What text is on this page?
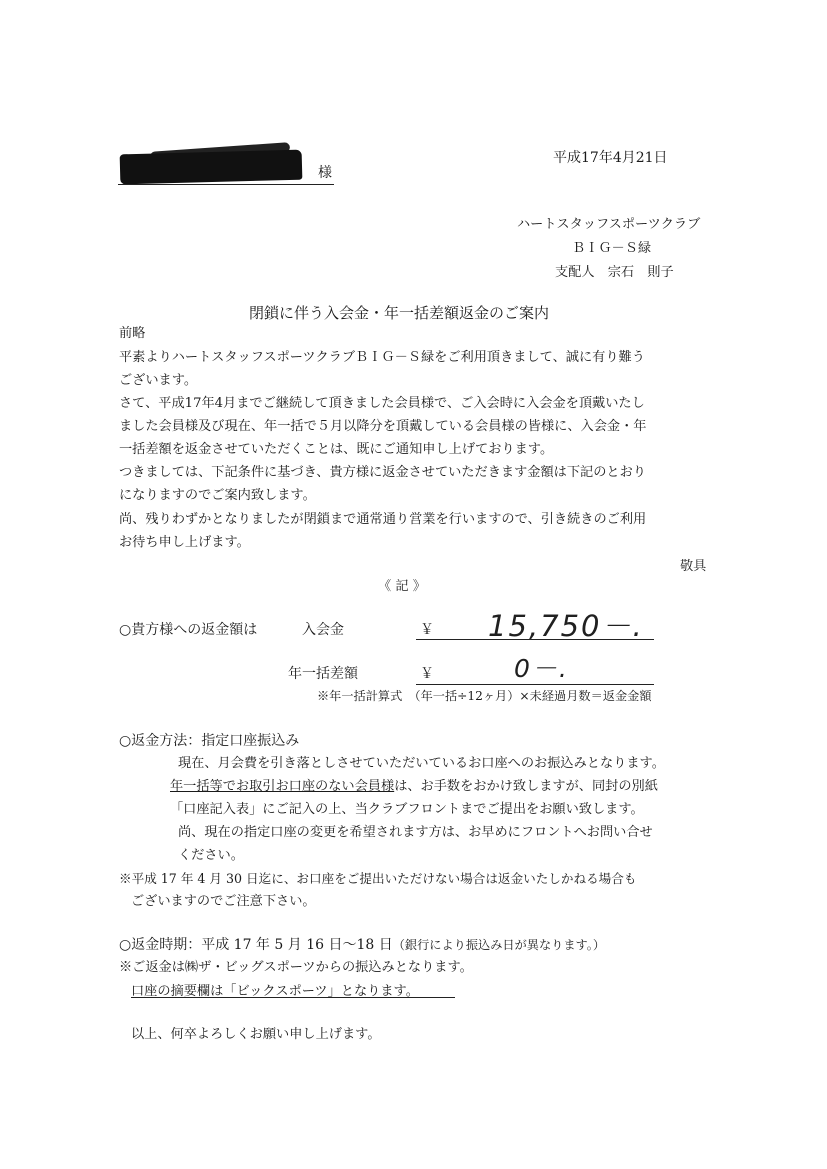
様
平成17年4月21日
ハートスタッフスポーツクラブ
ＢＩＧ－Ｓ緑
支配人　宗石　則子
閉鎖に伴う入会金・年一括差額返金のご案内
前略
平素よりハートスタッフスポーツクラブＢＩＧ－Ｓ緑をご利用頂きまして、誠に有り難う
ございます。
さて、平成17年4月までご継続して頂きました会員様で、ご入会時に入会金を頂戴いたし
ました会員様及び現在、年一括で５月以降分を頂戴している会員様の皆様に、入会金・年
一括差額を返金させていただくことは、既にご通知申し上げております。
つきましては、下記条件に基づき、貴方様に返金させていただきます金額は下記のとおり
になりますのでご案内致します。
尚、残りわずかとなりましたが閉鎖まで通常通り営業を行いますので、引き続きのご利用
お待ち申し上げます。
敬具
《 記 》
○貴方様への返金額は	入会金	￥ 15,750－.
年一括差額	￥	0－.
※年一括計算式　（年一括÷12ヶ月）×未経過月数＝返金金額
○返金方法：指定口座振込み
現在、月会費を引き落としさせていただいているお口座へのお振込みとなります。
年一括等でお取引お口座のない会員様は、お手数をおかけ致しますが、同封の別紙
「口座記入表」にご記入の上、当クラブフロントまでご提出をお願い致します。
尚、現在の指定口座の変更を希望されます方は、お早めにフロントへお問い合せ
ください。
※平成 17 年 4 月 30 日迄に、お口座をご提出いただけない場合は返金いたしかねる場合も
ございますのでご注意下さい。
○返金時期：平成 17 年 5 月 16 日～18 日（銀行により振込み日が異なります。）
※ご返金は㈱ザ・ビッグスポーツからの振込みとなります。
口座の摘要欄は「ビックスポーツ」となります。
以上、何卒よろしくお願い申し上げます。
